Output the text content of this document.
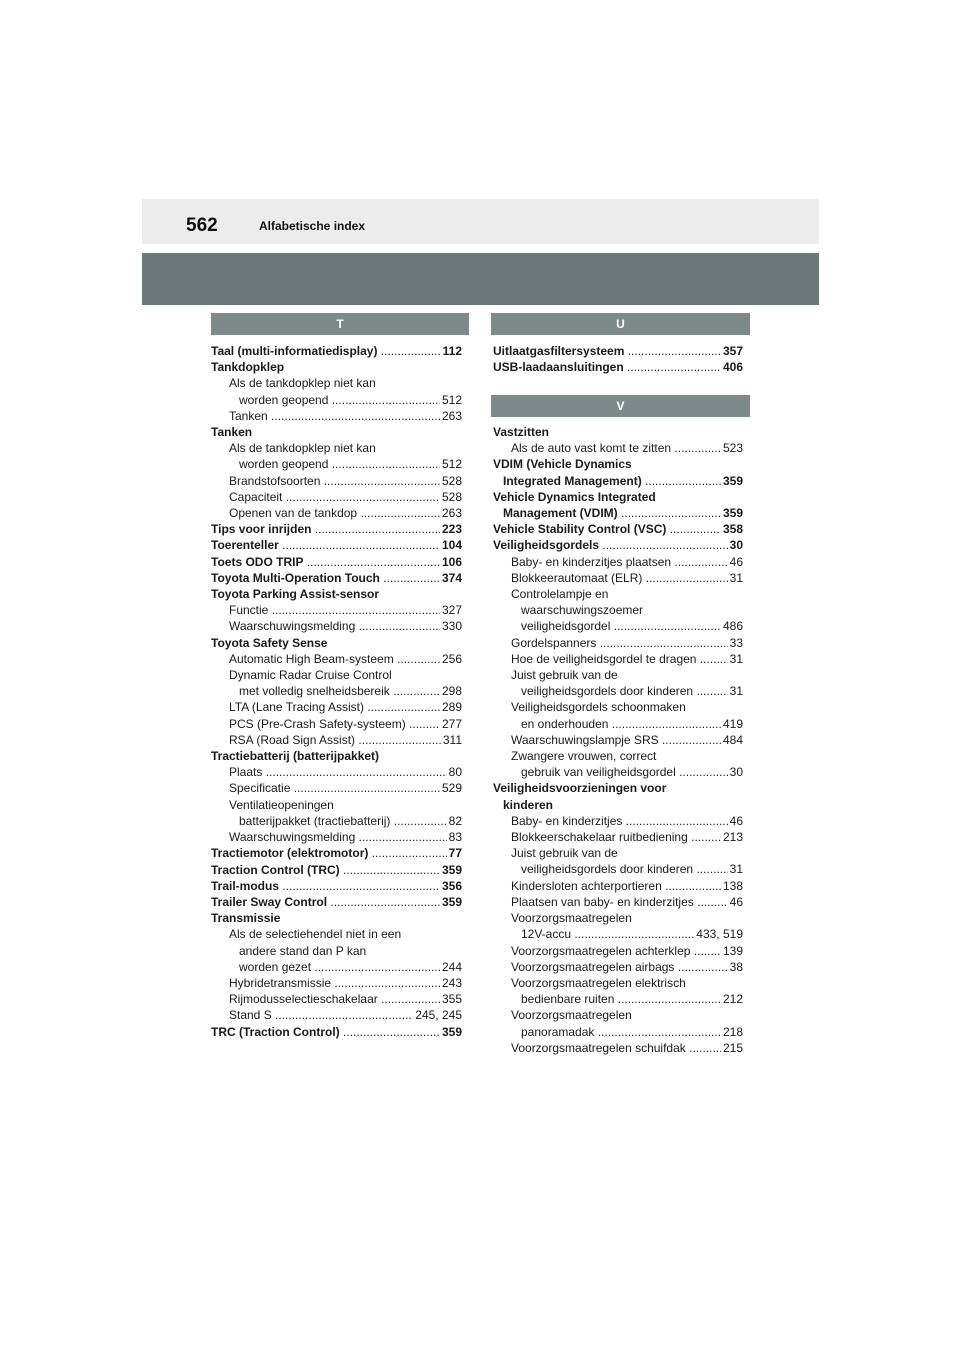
562	Alfabetische index
T	U
V
Taal (multi-informatiedisplay) .....	112
Tankdopklep
Als de tankdopklep niet kan
worden geopend .....	512
Tanken .....	263
Tanken
Als de tankdopklep niet kan
worden geopend .....	512
Brandstofsoorten .....	528
Capaciteit .....	528
Openen van de tankdop .....	263
Tips voor inrijden .....	223
Toerenteller .....	104
Toets ODO TRIP .....	106
Toyota Multi-Operation Touch .....	374
Toyota Parking Assist-sensor
Functie .....	327
Waarschuwingsmelding .....	330
Toyota Safety Sense
Automatic High Beam-systeem .....	256
Dynamic Radar Cruise Control
met volledig snelheidsbereik .....	298
LTA (Lane Tracing Assist) .....	289
PCS (Pre-Crash Safety-systeem) .....	277
RSA (Road Sign Assist) .....	311
Tractiebatterij (batterijpakket)
Plaats .....	80
Specificatie .....	529
Ventilatieopeningen
batterijpakket (tractiebatterij) .....	82
Waarschuwingsmelding .....	83
Tractiemotor (elektromotor) .....	77
Traction Control (TRC) .....	359
Trail-modus .....	356
Trailer Sway Control .....	359
Transmissie
Als de selectiehendel niet in een
andere stand dan P kan
worden gezet .....	244
Hybridetransmissie .....	243
Rijmodusselectieschakelaar .....	355
Stand S .....	245, 245
TRC (Traction Control) .....	359
Uitlaatgasfiltersysteem .....	357
USB-laadaansluitingen .....	406
Vastzitten
Als de auto vast komt te zitten .....	523
VDIM (Vehicle Dynamics
Integrated Management) .....	359
Vehicle Dynamics Integrated
Management (VDIM) .....	359
Vehicle Stability Control (VSC) .....	358
Veiligheidsgordels .....	30
Baby- en kinderzitjes plaatsen .....	46
Blokkeerautomaat (ELR) .....	31
Controlelampje en
waarschuwingszoemer
veiligheidsgordel .....	486
Gordelspanners .....	33
Hoe de veiligheidsgordel te dragen .....	31
Juist gebruik van de
veiligheidsgordels door kinderen .....	31
Veiligheidsgordels schoonmaken
en onderhouden .....	419
Waarschuwingslampje SRS .....	484
Zwangere vrouwen, correct
gebruik van veiligheidsgordel .....	30
Veiligheidsvoorzieningen voor
kinderen
Baby- en kinderzitjes .....	46
Blokkeerschakelaar ruitbediening .....	213
Juist gebruik van de
veiligheidsgordels door kinderen .....	31
Kindersloten achterportieren .....	138
Plaatsen van baby- en kinderzitjes .....	46
Voorzorgsmaatregelen
12V-accu .....	433, 519
Voorzorgsmaatregelen achterklep .....	139
Voorzorgsmaatregelen airbags .....	38
Voorzorgsmaatregelen elektrisch
bedienbare ruiten .....	212
Voorzorgsmaatregelen
panoramadak .....	218
Voorzorgsmaatregelen schuifdak .....	215
